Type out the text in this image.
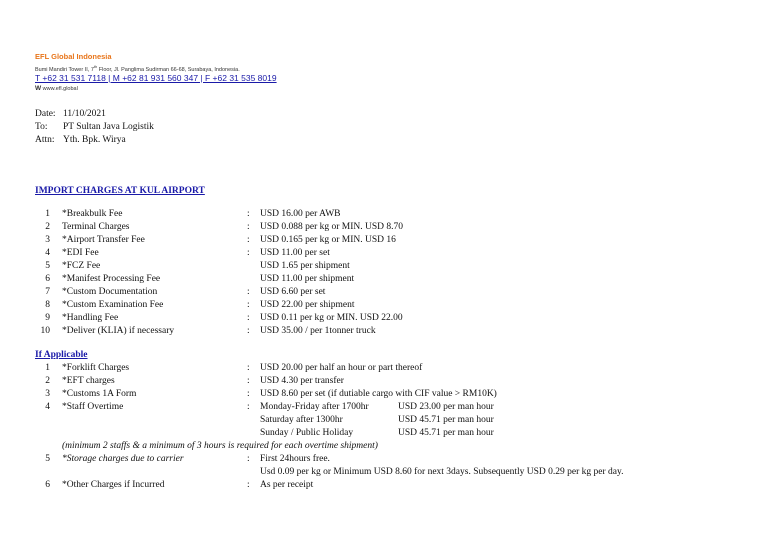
EFL Global Indonesia
Bumi Mandiri Tower II, 7th Floor, Jl. Panglima Sudirman 66-68, Surabaya, Indonesia.
T +62 31 531 7118 | M +62 81 931 560 347 | F +62 31 535 8019
W www.efl.global
Date: 11/10/2021
To: PT Sultan Java Logistik
Attn: Yth. Bpk. Wirya
IMPORT CHARGES AT KUL AIRPORT
1 *Breakbulk Fee	: USD 16.00 per AWB
2 Terminal Charges	: USD 0.088 per kg or MIN. USD 8.70
3 *Airport Transfer Fee	: USD 0.165 per kg or MIN. USD 16
4 *EDI Fee	: USD 11.00 per set
5 *FCZ Fee	USD 1.65 per shipment
6 *Manifest Processing Fee	USD 11.00 per shipment
7 *Custom Documentation	: USD 6.60 per set
8 *Custom Examination Fee	: USD 22.00 per shipment
9 *Handling Fee	: USD 0.11 per kg or MIN. USD 22.00
10 *Deliver (KLIA) if necessary	: USD 35.00 / per 1tonner truck
If Applicable
1 *Forklift Charges	: USD 20.00 per half an hour or part thereof
2 *EFT charges	: USD 4.30 per transfer
3 *Customs 1A Form	: USD 8.60 per set (if dutiable cargo with CIF value > RM10K)
4 *Staff Overtime	: Monday-Friday after 1700hr	USD 23.00 per man hour
Saturday after 1300hr	USD 45.71 per man hour
Sunday / Public Holiday	USD 45.71 per man hour
(minimum 2 staffs & a minimum of 3 hours is required for each overtime shipment)
5 *Storage charges due to carrier	: First 24hours free.
Usd 0.09 per kg or Minimum USD 8.60 for next 3days. Subsequently USD 0.29 per kg per day.
6 *Other Charges if Incurred	: As per receipt
